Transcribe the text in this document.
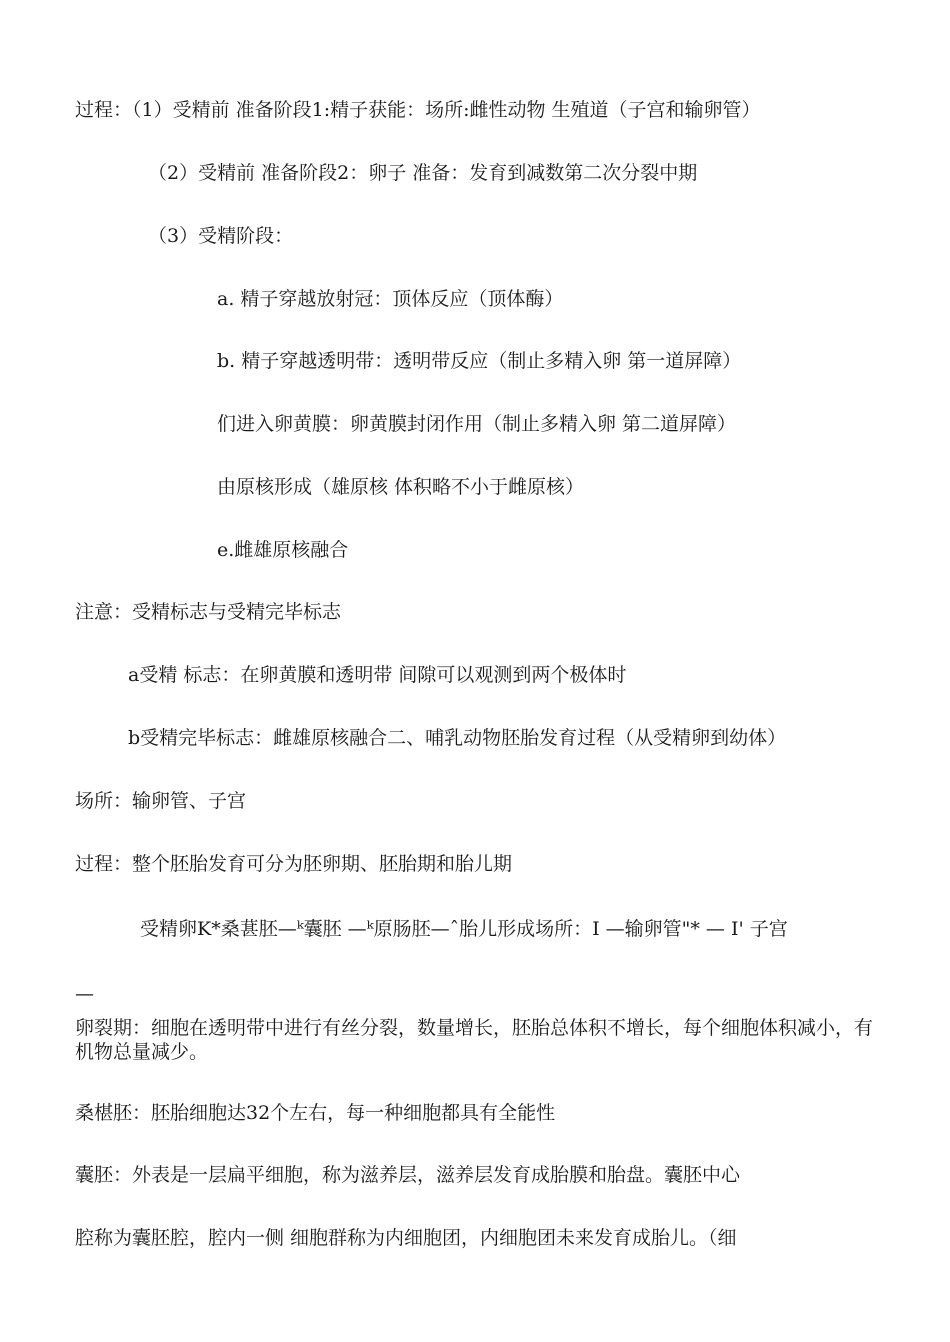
过程：（1）受精前 准备阶段1:精子获能：场所:雌性动物 生殖道（子宫和输卵管）
（2）受精前 准备阶段2：卵子 准备：发育到减数第二次分裂中期
（3）受精阶段：
a. 精子穿越放射冠：顶体反应（顶体酶）
b. 精子穿越透明带：透明带反应（制止多精入卵 第一道屏障）
们进入卵黄膜：卵黄膜封闭作用（制止多精入卵 第二道屏障）
由原核形成（雄原核 体积略不小于雌原核）
e.雌雄原核融合
注意：受精标志与受精完毕标志
a受精 标志：在卵黄膜和透明带 间隙可以观测到两个极体时
b受精完毕标志：雌雄原核融合二、哺乳动物胚胎发育过程（从受精卵到幼体）
场所：输卵管、子宫
过程：整个胚胎发育可分为胚卵期、胚胎期和胎儿期
受精卵K*桑葚胚—ᵏ囊胚 —ᵏ原肠胚—ˆ胎儿形成场所：I —输卵管"* — I' 子宫
—
卵裂期：细胞在透明带中进行有丝分裂，数量增长，胚胎总体积不增长，每个细胞体积减小，有机物总量减少。
桑椹胚：胚胎细胞达32个左右，每一种细胞都具有全能性
囊胚：外表是一层扁平细胞，称为滋养层，滋养层发育成胎膜和胎盘。囊胚中心
腔称为囊胚腔，腔内一侧 细胞群称为内细胞团，内细胞团未来发育成胎儿。（细
